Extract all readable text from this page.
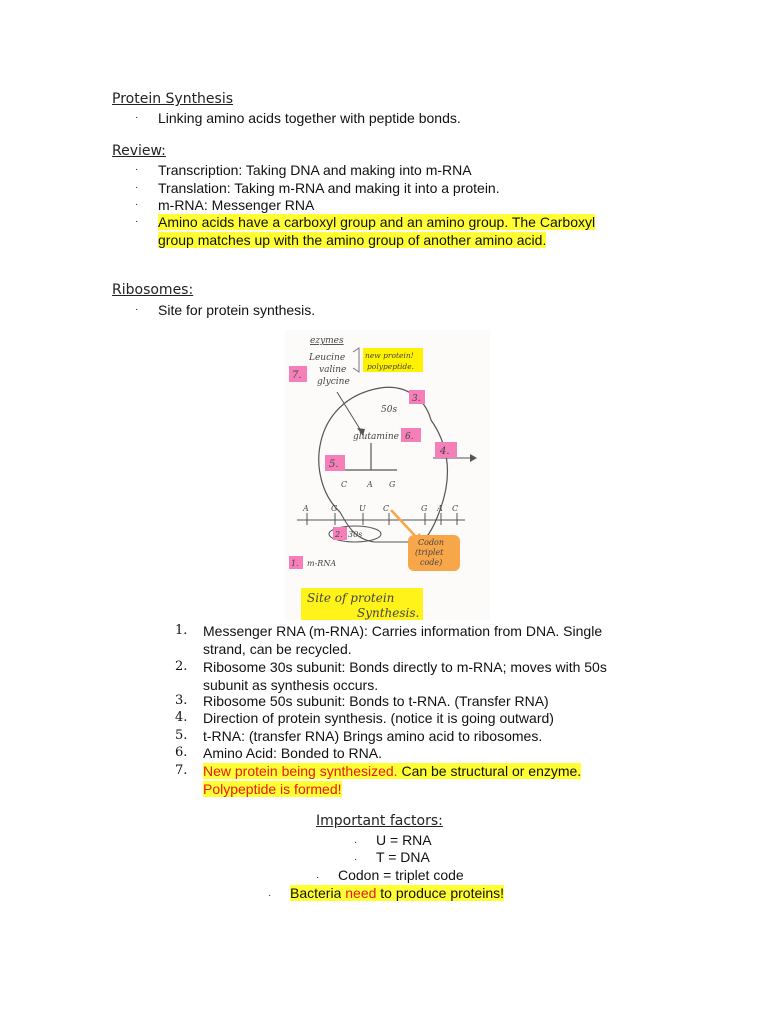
Protein Synthesis
· Linking amino acids together with peptide bonds.
Review:
· Transcription: Taking DNA and making into m-RNA
· Translation: Taking m-RNA and making it into a protein.
· m-RNA: Messenger RNA
· Amino acids have a carboxyl group and an amino group. The Carboxyl group matches up with the amino group of another amino acid.
Ribosomes:
· Site for protein synthesis.
50s
glutamine
C A G
A	G	U C	G A C
30s
Codon
(triplet
code)
ezymes
Leucine
valine
glycine
new protein!
polypeptide.
7.
3.
6.
4.
5.
2.
1. m-RNA
Site of protein
Synthesis.
1.	Messenger RNA (m-RNA): Carries information from DNA. Single strand, can be recycled.
2.	Ribosome 30s subunit: Bonds directly to m-RNA; moves with 50s subunit as synthesis occurs.
3.	Ribosome 50s subunit: Bonds to t-RNA. (Transfer RNA)
4.	Direction of protein synthesis. (notice it is going outward)
5.	t-RNA: (transfer RNA) Brings amino acid to ribosomes.
6.	Amino Acid: Bonded to RNA.
7.	New protein being synthesized. Can be structural or enzyme.
Polypeptide is formed!
Important factors:
· U = RNA
· T = DNA
· Codon = triplet code
· Bacteria need to produce proteins!
